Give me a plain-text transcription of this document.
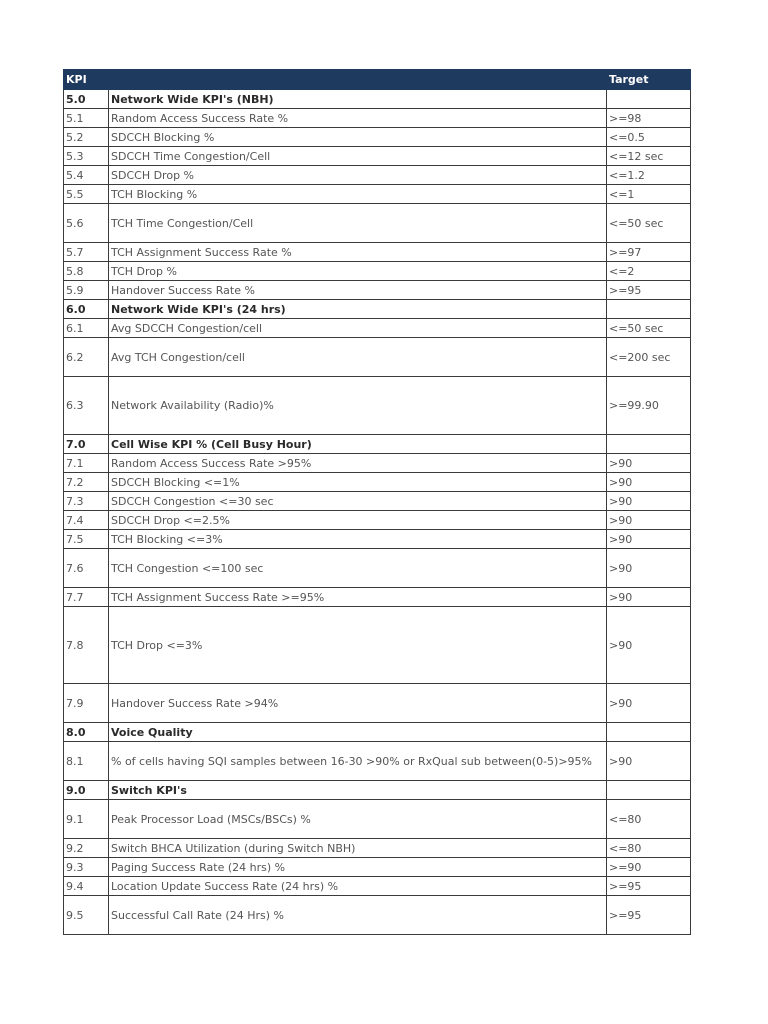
KPI		Target
5.0	Network Wide KPI's (NBH)	
5.1	Random Access Success Rate %	>=98
5.2	SDCCH Blocking %	<=0.5
5.3	SDCCH Time Congestion/Cell	<=12 sec
5.4	SDCCH Drop %	<=1.2
5.5	TCH Blocking %	<=1
5.6	TCH Time Congestion/Cell	<=50 sec
5.7	TCH Assignment Success Rate %	>=97
5.8	TCH Drop %	<=2
5.9	Handover Success Rate %	>=95
6.0	Network Wide KPI's (24 hrs)	
6.1	Avg SDCCH Congestion/cell	<=50 sec
6.2	Avg TCH Congestion/cell	<=200 sec
6.3	Network Availability (Radio)%	>=99.90
7.0	Cell Wise KPI % (Cell Busy Hour)	
7.1	Random Access Success Rate >95%	>90
7.2	SDCCH Blocking <=1%	>90
7.3	SDCCH Congestion <=30 sec	>90
7.4	SDCCH Drop <=2.5%	>90
7.5	TCH Blocking <=3%	>90
7.6	TCH Congestion <=100 sec	>90
7.7	TCH Assignment Success Rate >=95%	>90
7.8	TCH Drop <=3%	>90
7.9	Handover Success Rate >94%	>90
8.0	Voice Quality	
8.1	% of cells having SQI samples between 16-30 >90% or RxQual sub between(0-5)>95%	>90
9.0	Switch KPI's	
9.1	Peak Processor Load (MSCs/BSCs) %	<=80
9.2	Switch BHCA Utilization (during Switch NBH)	<=80
9.3	Paging Success Rate (24 hrs) %	>=90
9.4	Location Update Success Rate (24 hrs) %	>=95
9.5	Successful Call Rate (24 Hrs) %	>=95
